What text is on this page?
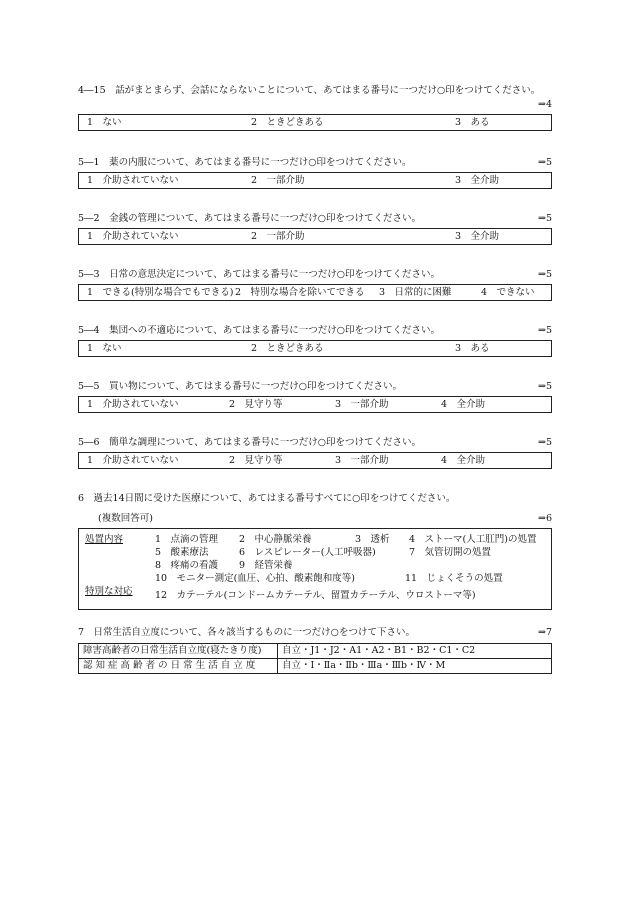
4―15　話がまとまらず、会話にならないことについて、あてはまる番号に一つだけ○印をつけてください。
⇒4
1　ない	2　ときどきある	3　ある
5―1　薬の内服について、あてはまる番号に一つだけ○印をつけてください。	⇒5
1　介助されていない	2　一部介助	3　全介助
5―2　金銭の管理について、あてはまる番号に一つだけ○印をつけてください。	⇒5
1　介助されていない	2　一部介助	3　全介助
5―3　日常の意思決定について、あてはまる番号に一つだけ○印をつけてください。	⇒5
1　できる(特別な場合でもできる) 2　特別な場合を除いてできる 3　日常的に困難	4　できない
5―4　集団への不適応について、あてはまる番号に一つだけ○印をつけてください。	⇒5
1　ない	2　ときどきある	3　ある
5―5　買い物について、あてはまる番号に一つだけ○印をつけてください。	⇒5
1　介助されていない	2　見守り等	3　一部介助	4　全介助
5―6　簡単な調理について、あてはまる番号に一つだけ○印をつけてください。	⇒5
1　介助されていない	2　見守り等	3　一部介助	4　全介助
6　過去14日間に受けた医療について、あてはまる番号すべてに○印をつけてください。
(複数回答可)	⇒6
処置内容
特別な対応
1　点滴の管理 2　中心静脈栄養	3　透析 4　ストーマ(人工肛門)の処置
5　酸素療法	6　レスピレーター(人工呼吸器)	7　気管切開の処置
8　疼痛の看護 9　経管栄養
10　モニター測定(血圧、心拍、酸素飽和度等)	11　じょくそうの処置
12　カテーテル(コンドームカテーテル、留置カテーテル、ウロストーマ等)
7　日常生活自立度について、各々該当するものに一つだけ○をつけて下さい。	⇒7
障害高齢者の日常生活自立度(寝たきり度)	自立・J1・J2・A1・A2・B1・B2・C1・C2
認 知 症 高 齢 者 の 日 常 生 活 自 立 度	自立・Ⅰ・Ⅱa・Ⅱb・Ⅲa・Ⅲb・Ⅳ・M
